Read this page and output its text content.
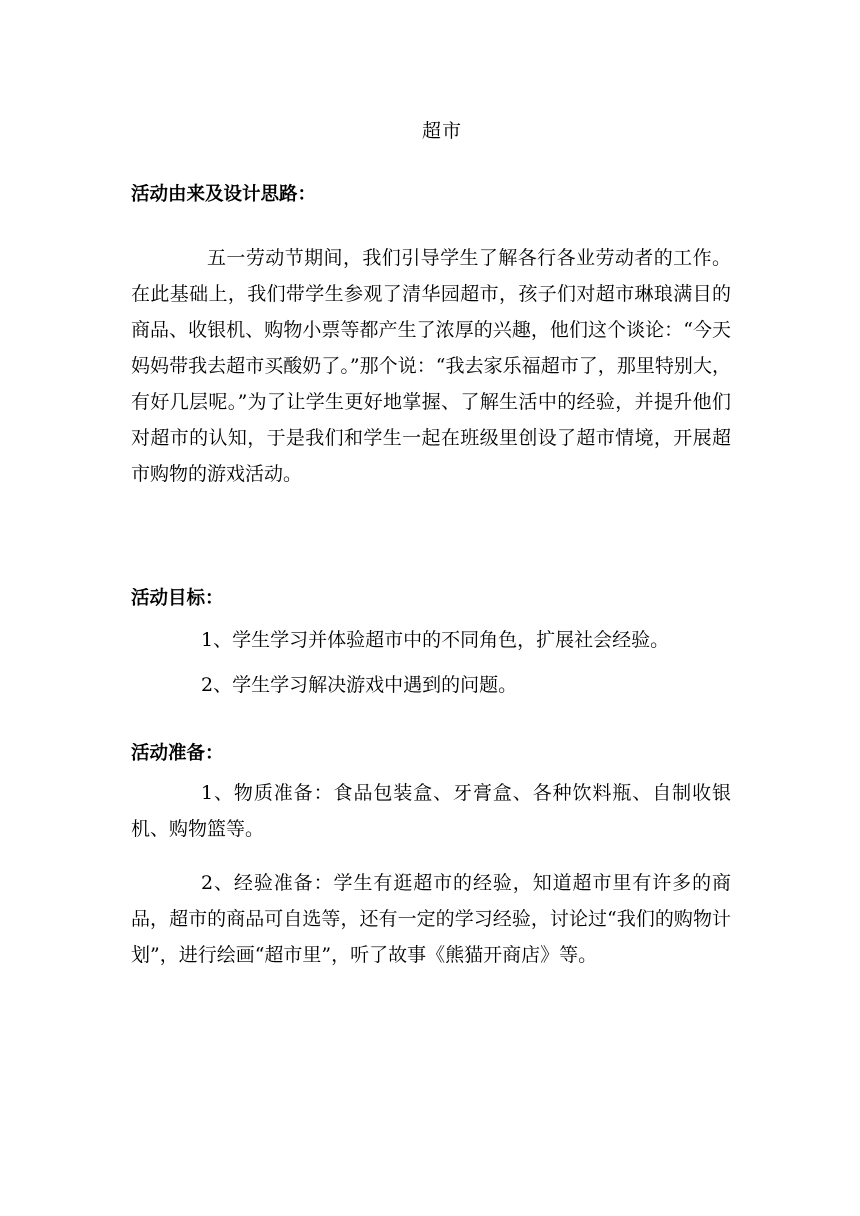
超市
活动由来及设计思路：
五一劳动节期间，我们引导学生了解各行各业劳动者的工作。在此基础上，我们带学生参观了清华园超市，孩子们对超市琳琅满目的商品、收银机、购物小票等都产生了浓厚的兴趣，他们这个谈论：“今天妈妈带我去超市买酸奶了。”那个说：“我去家乐福超市了，那里特别大，有好几层呢。”为了让学生更好地掌握、了解生活中的经验，并提升他们对超市的认知，于是我们和学生一起在班级里创设了超市情境，开展超市购物的游戏活动。
活动目标：
1、学生学习并体验超市中的不同角色，扩展社会经验。
2、学生学习解决游戏中遇到的问题。
活动准备：
1、物质准备：食品包装盒、牙膏盒、各种饮料瓶、自制收银机、购物篮等。
2、经验准备：学生有逛超市的经验，知道超市里有许多的商品，超市的商品可自选等，还有一定的学习经验，讨论过“我们的购物计划”，进行绘画“超市里”，听了故事《熊猫开商店》等。
